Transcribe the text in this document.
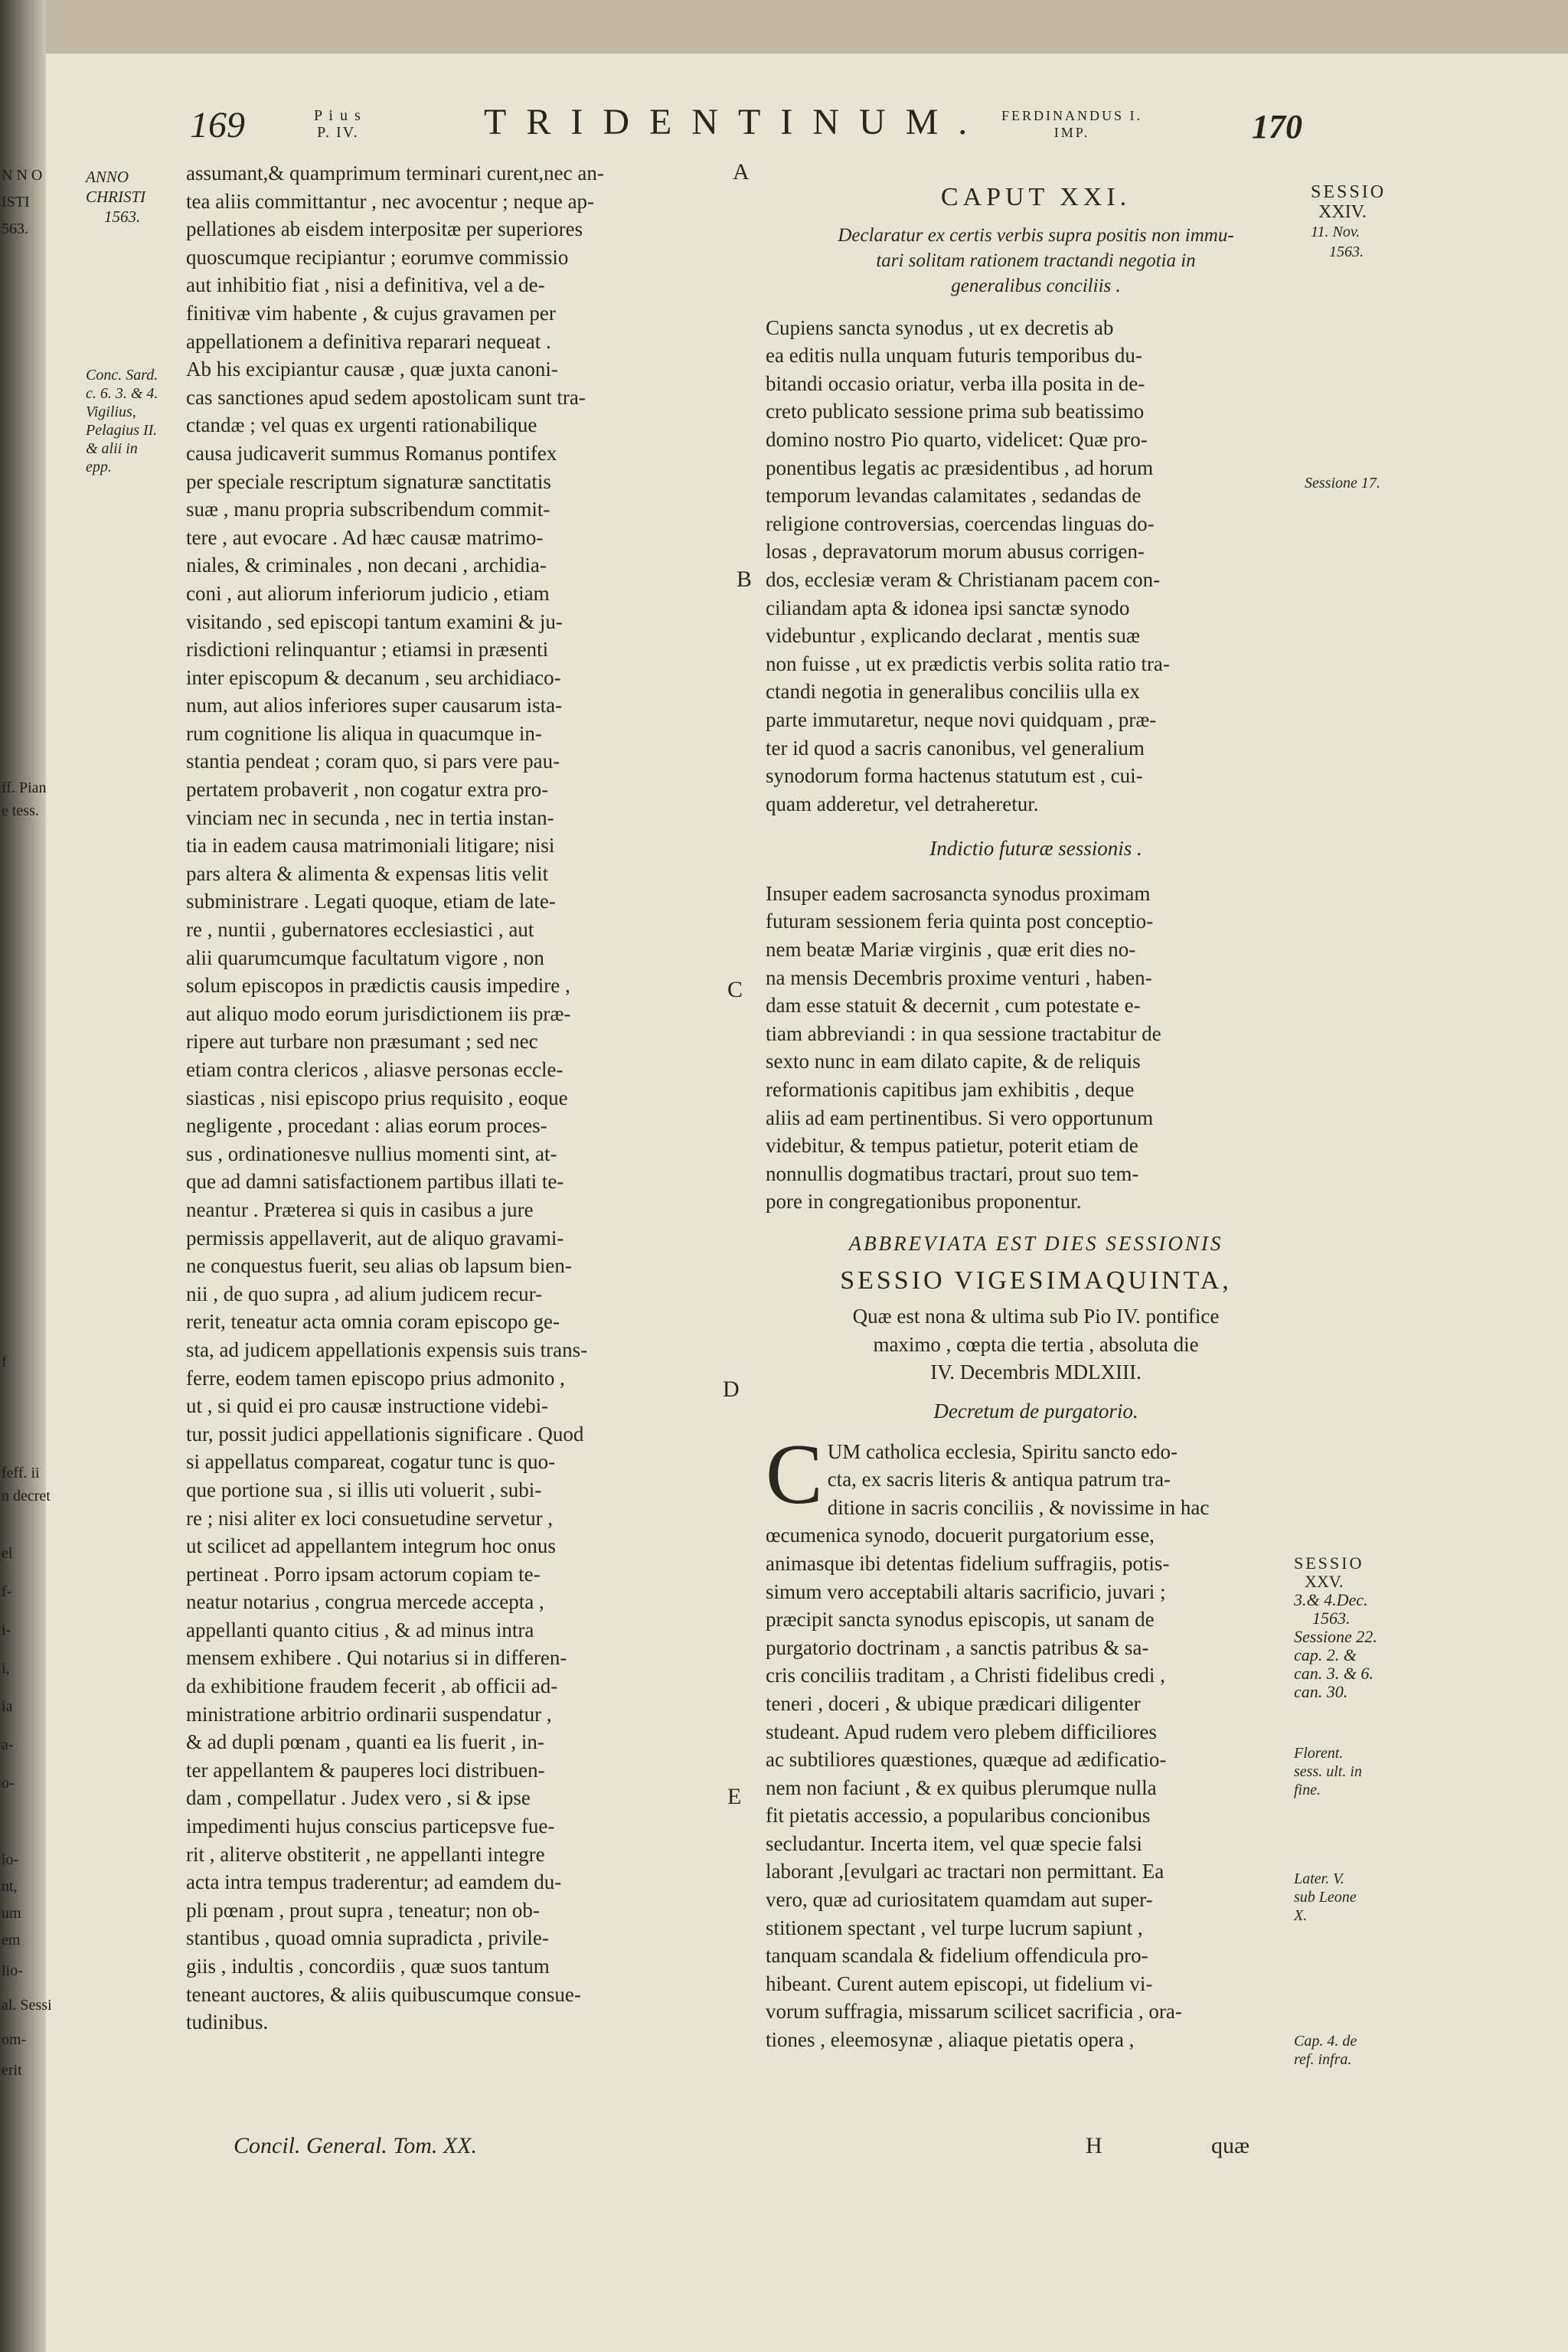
N N O
ISTI
563.
ff. Pian
e tess.
f
feff. ii
n decret
el
f-
i-
i,
ia
a-
o-
io-
nt,
um
em
lio-
al. Sessi
om-
erit
169	P i u s
P. IV.	TRIDENTINUM. FERDINANDUS I.
IMP.	170
ANNO
CHRISTI
1563.
Conc. Sard.
c. 6. 3. & 4.
Vigilius,
Pelagius II.
& alii in
epp.
assumant,& quamprimum terminari curent,nec an-
tea aliis committantur , nec avocentur ; neque ap-
pellationes ab eisdem interpositæ per superiores
quoscumque recipiantur ; eorumve commissio
aut inhibitio fiat , nisi a definitiva, vel a de-
finitivæ vim habente , & cujus gravamen per
appellationem a definitiva reparari nequeat .
Ab his excipiantur causæ , quæ juxta canoni-
cas sanctiones apud sedem apostolicam sunt tra-
ctandæ ; vel quas ex urgenti rationabilique
causa judicaverit summus Romanus pontifex
per speciale rescriptum signaturæ sanctitatis
suæ , manu propria subscribendum commit-
tere , aut evocare . Ad hæc causæ matrimo-
niales, & criminales , non decani , archidia-
coni , aut aliorum inferiorum judicio , etiam
visitando , sed episcopi tantum examini & ju-
risdictioni relinquantur ; etiamsi in præsenti
inter episcopum & decanum , seu archidiaco-
num, aut alios inferiores super causarum ista-
rum cognitione lis aliqua in quacumque in-
stantia pendeat ; coram quo, si pars vere pau-
pertatem probaverit , non cogatur extra pro-
vinciam nec in secunda , nec in tertia instan-
tia in eadem causa matrimoniali litigare; nisi
pars altera & alimenta & expensas litis velit
subministrare . Legati quoque, etiam de late-
re , nuntii , gubernatores ecclesiastici , aut
alii quarumcumque facultatum vigore , non
solum episcopos in prædictis causis impedire ,
aut aliquo modo eorum jurisdictionem iis præ-
ripere aut turbare non præsumant ; sed nec
etiam contra clericos , aliasve personas eccle-
siasticas , nisi episcopo prius requisito , eoque
negligente , procedant : alias eorum proces-
sus , ordinationesve nullius momenti sint, at-
que ad damni satisfactionem partibus illati te-
neantur . Præterea si quis in casibus a jure
permissis appellaverit, aut de aliquo gravami-
ne conquestus fuerit, seu alias ob lapsum bien-
nii , de quo supra , ad alium judicem recur-
rerit, teneatur acta omnia coram episcopo ge-
sta, ad judicem appellationis expensis suis trans-
ferre, eodem tamen episcopo prius admonito ,
ut , si quid ei pro causæ instructione videbi-
tur, possit judici appellationis significare . Quod
si appellatus compareat, cogatur tunc is quo-
que portione sua , si illis uti voluerit , subi-
re ; nisi aliter ex loci consuetudine servetur ,
ut scilicet ad appellantem integrum hoc onus
pertineat . Porro ipsam actorum copiam te-
neatur notarius , congrua mercede accepta ,
appellanti quanto citius , & ad minus intra
mensem exhibere . Qui notarius si in differen-
da exhibitione fraudem fecerit , ab officii ad-
ministratione arbitrio ordinarii suspendatur ,
& ad dupli pœnam , quanti ea lis fuerit , in-
ter appellantem & pauperes loci distribuen-
dam , compellatur . Judex vero , si & ipse
impedimenti hujus conscius particepsve fue-
rit , aliterve obstiterit , ne appellanti integre
acta intra tempus traderentur; ad eamdem du-
pli pœnam , prout supra , teneatur; non ob-
stantibus , quoad omnia supradicta , privile-
giis , indultis , concordiis , quæ suos tantum
teneant auctores, & aliis quibuscumque consue-
tudinibus.
A
B
C
D
E
CAPUT XXI.
Declaratur ex certis verbis supra positis non immu-
tari solitam rationem tractandi negotia in
generalibus conciliis .
Cupiens sancta synodus , ut ex decretis ab
ea editis nulla unquam futuris temporibus du-
bitandi occasio oriatur, verba illa posita in de-
creto publicato sessione prima sub beatissimo
domino nostro Pio quarto, videlicet: Quæ pro-
ponentibus legatis ac præsidentibus , ad horum
temporum levandas calamitates , sedandas de
religione controversias, coercendas linguas do-
losas , depravatorum morum abusus corrigen-
dos, ecclesiæ veram & Christianam pacem con-
ciliandam apta & idonea ipsi sanctæ synodo
videbuntur , explicando declarat , mentis suæ
non fuisse , ut ex prædictis verbis solita ratio tra-
ctandi negotia in generalibus conciliis ulla ex
parte immutaretur, neque novi quidquam , præ-
ter id quod a sacris canonibus, vel generalium
synodorum forma hactenus statutum est , cui-
quam adderetur, vel detraheretur.
Indictio futuræ sessionis .
Insuper eadem sacrosancta synodus proximam
futuram sessionem feria quinta post conceptio-
nem beatæ Mariæ virginis , quæ erit dies no-
na mensis Decembris proxime venturi , haben-
dam esse statuit & decernit , cum potestate e-
tiam abbreviandi : in qua sessione tractabitur de
sexto nunc in eam dilato capite, & de reliquis
reformationis capitibus jam exhibitis , deque
aliis ad eam pertinentibus. Si vero opportunum
videbitur, & tempus patietur, poterit etiam de
nonnullis dogmatibus tractari, prout suo tem-
pore in congregationibus proponentur.
ABBREVIATA EST DIES SESSIONIS
SESSIO VIGESIMAQUINTA,
Quæ est nona & ultima sub Pio IV. pontifice
maximo , cœpta die tertia , absoluta die
IV. Decembris MDLXIII.
Decretum de purgatorio.
C UM catholica ecclesia, Spiritu sancto edo-
cta, ex sacris literis & antiqua patrum tra-
ditione in sacris conciliis , & novissime in hac
œcumenica synodo, docuerit purgatorium esse,
animasque ibi detentas fidelium suffragiis, potis-
simum vero acceptabili altaris sacrificio, juvari ;
præcipit sancta synodus episcopis, ut sanam de
purgatorio doctrinam , a sanctis patribus & sa-
cris conciliis traditam , a Christi fidelibus credi ,
teneri , doceri , & ubique prædicari diligenter
studeant. Apud rudem vero plebem difficiliores
ac subtiliores quæstiones, quæque ad ædificatio-
nem non faciunt , & ex quibus plerumque nulla
fit pietatis accessio, a popularibus concionibus
secludantur. Incerta item, vel quæ specie falsi
laborant ,[evulgari ac tractari non permittant. Ea
vero, quæ ad curiositatem quamdam aut super-
stitionem spectant , vel turpe lucrum sapiunt ,
tanquam scandala & fidelium offendicula pro-
hibeant. Curent autem episcopi, ut fidelium vi-
vorum suffragia, missarum scilicet sacrificia , ora-
tiones , eleemosynæ , aliaque pietatis opera ,
SESSIO
XXIV.
11. Nov.
1563.
Sessione 17.
SESSIO
XXV.
3.& 4.Dec.
1563.
Sessione 22.
cap. 2. &
can. 3. & 6.
can. 30.
Florent.
sess. ult. in
fine.
Later. V.
sub Leone
X.
Cap. 4. de
ref. infra.
Concil. General. Tom. XX.	H	quæ
